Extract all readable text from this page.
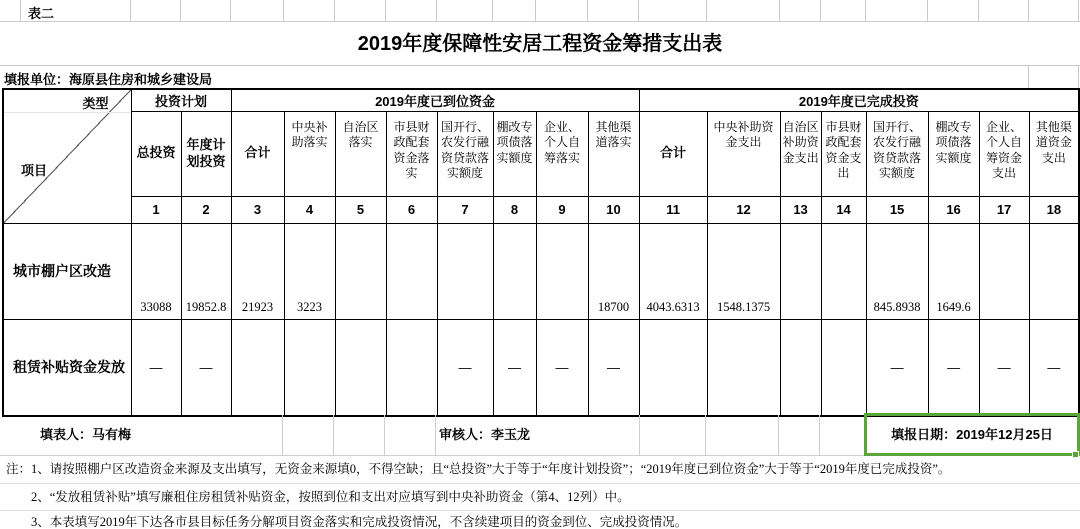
表二
2019年度保障性安居工程资金筹措支出表
填报单位：海原县住房和城乡建设局
类型
项目	投资计划		2019年度已到位资金								2019年度已完成投资							
	总投资	年度计划投资	合计	中央补助落实	自治区落实	市县财政配套资金落实	国开行、农发行融资贷款落实额度	棚改专项债落实额度	企业、个人自筹落实	其他渠道落实	合计	中央补助资金支出	自治区补助资金支出	市县财政配套资金支出	国开行、农发行融资贷款落实额度	棚改专项债落实额度	企业、个人自筹资金支出	其他渠道资金支出
	1	2	3	4	5	6	7	8	9	10	11	12	13	14	15	16	17	18
城市棚户区改造	33088	19852.8	21923	3223						18700	4043.6313	1548.1375			845.8938	1649.6		
租赁补贴资金发放	—	—					—	—	—	—					—	—	—	—
填表人：马有梅	审核人：李玉龙	填报日期：2019年12月25日
注：1、请按照棚户区改造资金来源及支出填写，无资金来源填0，不得空缺；且“总投资”大于等于“年度计划投资”；“2019年度已到位资金”大于等于“2019年度已完成投资”。
2、“发放租赁补贴”填写廉租住房租赁补贴资金，按照到位和支出对应填写到中央补助资金（第4、12列）中。
3、本表填写2019年下达各市县目标任务分解项目资金落实和完成投资情况，不含续建项目的资金到位、完成投资情况。
